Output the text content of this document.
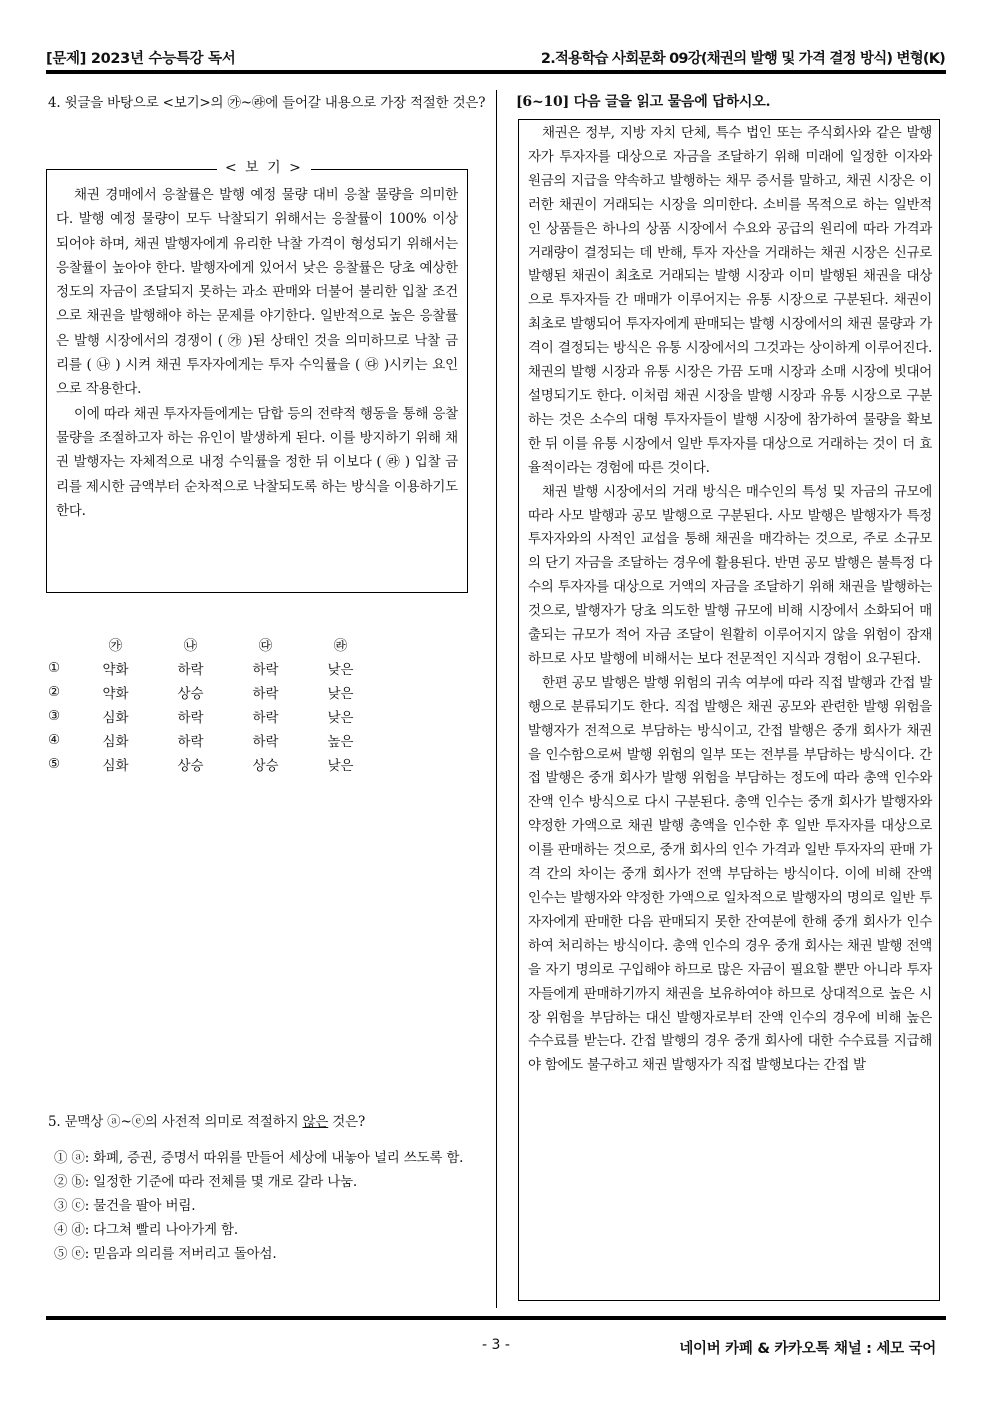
[문제] 2023년 수능특강 독서	2.적용학습 사회문화 09강(채권의 발행 및 가격 결정 방식) 변형(K)
4. 윗글을 바탕으로 <보기>의 ㉮~㉱에 들어갈 내용으로 가장 적절한 것은?
< 보 기 >

채권 경매에서 응찰률은 발행 예정 물량 대비 응찰 물량을 의미한다. 발행 예정 물량이 모두 낙찰되기 위해서는 응찰률이 100% 이상 되어야 하며, 채권 발행자에게 유리한 낙찰 가격이 형성되기 위해서는 응찰률이 높아야 한다. 발행자에게 있어서 낮은 응찰률은 당초 예상한 정도의 자금이 조달되지 못하는 과소 판매와 더불어 불리한 입찰 조건으로 채권을 발행해야 하는 문제를 야기한다. 일반적으로 높은 응찰률은 발행 시장에서의 경쟁이 ( ㉮ )된 상태인 것을 의미하므로 낙찰 금리를 ( ㉯ ) 시켜 채권 투자자에게는 투자 수익률을 ( ㉰ )시키는 요인으로 작용한다.

이에 따라 채권 투자자들에게는 담합 등의 전략적 행동을 통해 응찰 물량을 조절하고자 하는 유인이 발생하게 된다. 이를 방지하기 위해 채권 발행자는 자체적으로 내정 수익률을 정한 뒤 이보다 ( ㉱ ) 입찰 금리를 제시한 금액부터 순차적으로 낙찰되도록 하는 방식을 이용하기도 한다.

	㉮	㉯	㉰	㉱
①	약화	하락	하락	낮은
②	약화	상승	하락	낮은
③	심화	하락	하락	낮은
④	심화	하락	하락	높은
⑤	심화	상승	상승	낮은
5. 문맥상 ⓐ~ⓔ의 사전적 의미로 적절하지 않은 것은?
① ⓐ: 화폐, 증권, 증명서 따위를 만들어 세상에 내놓아 널리 쓰도록 함.
② ⓑ: 일정한 기준에 따라 전체를 몇 개로 갈라 나눔.
③ ⓒ: 물건을 팔아 버림.
④ ⓓ: 다그쳐 빨리 나아가게 함.
⑤ ⓔ: 믿음과 의리를 저버리고 돌아섬.
[6~10] 다음 글을 읽고 물음에 답하시오.

채권은 정부, 지방 자치 단체, 특수 법인 또는 주식회사와 같은 발행자가 투자자를 대상으로 자금을 조달하기 위해 미래에 일정한 이자와 원금의 지급을 약속하고 발행하는 채무 증서를 말하고, 채권 시장은 이러한 채권이 거래되는 시장을 의미한다. 소비를 목적으로 하는 일반적인 상품들은 하나의 상품 시장에서 수요와 공급의 원리에 따라 가격과 거래량이 결정되는 데 반해, 투자 자산을 거래하는 채권 시장은 신규로 발행된 채권이 최초로 거래되는 발행 시장과 이미 발행된 채권을 대상으로 투자자들 간 매매가 이루어지는 유통 시장으로 구분된다. 채권이 최초로 발행되어 투자자에게 판매되는 발행 시장에서의 채권 물량과 가격이 결정되는 방식은 유통 시장에서의 그것과는 상이하게 이루어진다. 채권의 발행 시장과 유통 시장은 가끔 도매 시장과 소매 시장에 빗대어 설명되기도 한다. 이처럼 채권 시장을 발행 시장과 유통 시장으로 구분하는 것은 소수의 대형 투자자들이 발행 시장에 참가하여 물량을 확보한 뒤 이를 유통 시장에서 일반 투자자를 대상으로 거래하는 것이 더 효율적이라는 경험에 따른 것이다.

채권 발행 시장에서의 거래 방식은 매수인의 특성 및 자금의 규모에 따라 사모 발행과 공모 발행으로 구분된다. 사모 발행은 발행자가 특정 투자자와의 사적인 교섭을 통해 채권을 매각하는 것으로, 주로 소규모의 단기 자금을 조달하는 경우에 활용된다. 반면 공모 발행은 불특정 다수의 투자자를 대상으로 거액의 자금을 조달하기 위해 채권을 발행하는 것으로, 발행자가 당초 의도한 발행 규모에 비해 시장에서 소화되어 매출되는 규모가 적어 자금 조달이 원활히 이루어지지 않을 위험이 잠재하므로 사모 발행에 비해서는 보다 전문적인 지식과 경험이 요구된다.

한편 공모 발행은 발행 위험의 귀속 여부에 따라 직접 발행과 간접 발행으로 분류되기도 한다. 직접 발행은 채권 공모와 관련한 발행 위험을 발행자가 전적으로 부담하는 방식이고, 간접 발행은 중개 회사가 채권을 인수함으로써 발행 위험의 일부 또는 전부를 부담하는 방식이다. 간접 발행은 중개 회사가 발행 위험을 부담하는 정도에 따라 총액 인수와 잔액 인수 방식으로 다시 구분된다. 총액 인수는 중개 회사가 발행자와 약정한 가액으로 채권 발행 총액을 인수한 후 일반 투자자를 대상으로 이를 판매하는 것으로, 중개 회사의 인수 가격과 일반 투자자의 판매 가격 간의 차이는 중개 회사가 전액 부담하는 방식이다. 이에 비해 잔액 인수는 발행자와 약정한 가액으로 일차적으로 발행자의 명의로 일반 투자자에게 판매한 다음 판매되지 못한 잔여분에 한해 중개 회사가 인수하여 처리하는 방식이다. 총액 인수의 경우 중개 회사는 채권 발행 전액을 자기 명의로 구입해야 하므로 많은 자금이 필요할 뿐만 아니라 투자자들에게 판매하기까지 채권을 보유하여야 하므로 상대적으로 높은 시장 위험을 부담하는 대신 발행자로부터 잔액 인수의 경우에 비해 높은 수수료를 받는다. 간접 발행의 경우 중개 회사에 대한 수수료를 지급해야 함에도 불구하고 채권 발행자가 직접 발행보다는 간접 발

- 3 -	네이버 카페 & 카카오톡 채널 : 세모 국어
